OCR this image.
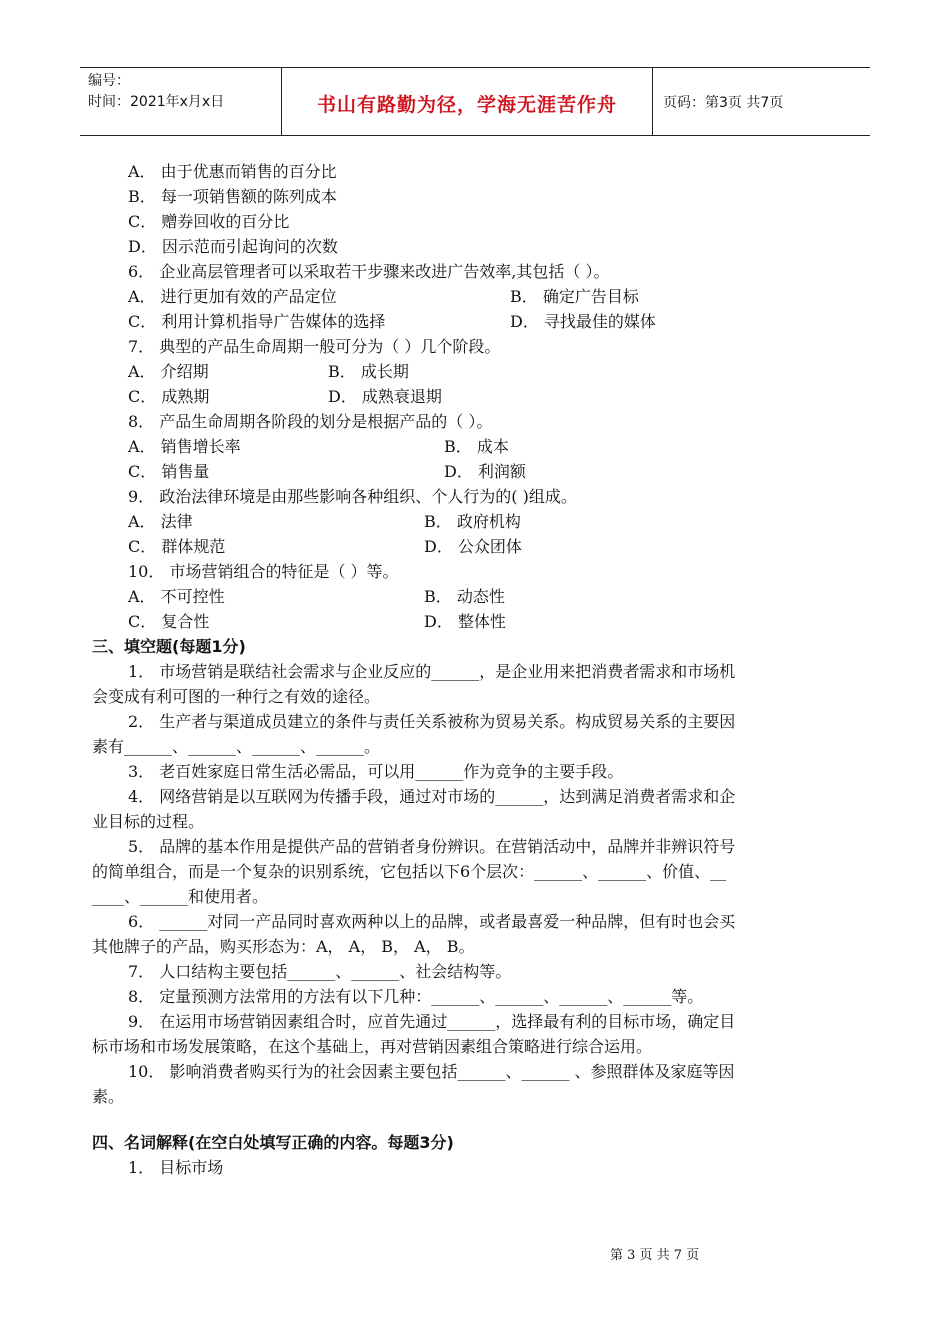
编号：
时间：2021年x月x日	书山有路勤为径，学海无涯苦作舟	页码：第3页 共7页
A． 由于优惠而销售的百分比
B． 每一项销售额的陈列成本
C． 赠券回收的百分比
D． 因示范而引起询问的次数
6． 企业高层管理者可以采取若干步骤来改进广告效率,其包括（ ）。
A． 进行更加有效的产品定位	B． 确定广告目标
C． 利用计算机指导广告媒体的选择	D． 寻找最佳的媒体
7． 典型的产品生命周期一般可分为（ ）几个阶段。
A． 介绍期	B． 成长期
C． 成熟期	D． 成熟衰退期
8． 产品生命周期各阶段的划分是根据产品的（ ）。
A． 销售增长率	B． 成本
C． 销售量	D． 利润额
9． 政治法律环境是由那些影响各种组织、个人行为的( )组成。
A． 法律	B． 政府机构
C． 群体规范	D． 公众团体
10． 市场营销组合的特征是（ ）等。
A． 不可控性	B． 动态性
C． 复合性	D． 整体性
三、填空题(每题1分)
1． 市场营销是联结社会需求与企业反应的______，是企业用来把消费者需求和市场机
会变成有利可图的一种行之有效的途径。
2． 生产者与渠道成员建立的条件与责任关系被称为贸易关系。构成贸易关系的主要因
素有______、______、______、______。
3． 老百姓家庭日常生活必需品，可以用______作为竞争的主要手段。
4． 网络营销是以互联网为传播手段，通过对市场的______，达到满足消费者需求和企
业目标的过程。
5． 品牌的基本作用是提供产品的营销者身份辨识。在营销活动中，品牌并非辨识符号
的简单组合，而是一个复杂的识别系统，它包括以下6个层次：______、______、价值、__
____、______和使用者。
6． ______对同一产品同时喜欢两种以上的品牌，或者最喜爱一种品牌，但有时也会买
其他牌子的产品，购买形态为：A， A， B， A， B。
7． 人口结构主要包括______、______、社会结构等。
8． 定量预测方法常用的方法有以下几种：______、______、______、______等。
9． 在运用市场营销因素组合时，应首先通过______，选择最有利的目标市场，确定目
标市场和市场发展策略，在这个基础上，再对营销因素组合策略进行综合运用。
10． 影响消费者购买行为的社会因素主要包括______、______ 、参照群体及家庭等因
素。
四、名词解释(在空白处填写正确的内容。每题3分)
1． 目标市场
第 3 页 共 7 页
